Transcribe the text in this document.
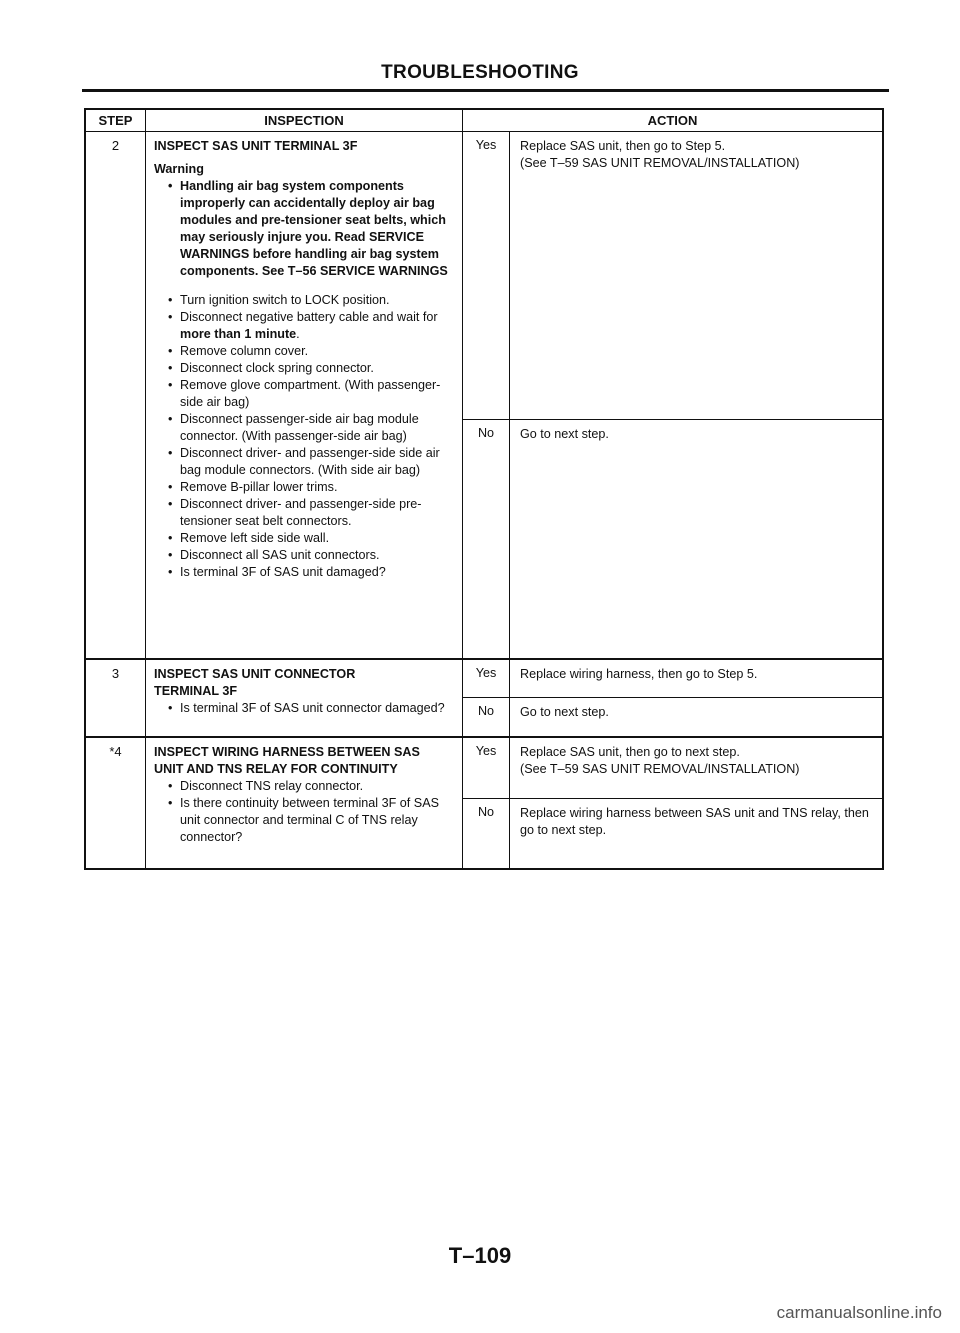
TROUBLESHOOTING
STEP	INSPECTION	ACTION
2	INSPECT SAS UNIT TERMINAL 3F
Warning

• Handling air bag system components improperly can accidentally deploy air bag modules and pre-tensioner seat belts, which may seriously injure you. Read SERVICE WARNINGS before handling air bag system components. See T–56 SERVICE WARNINGS

• Turn ignition switch to LOCK position.

• Disconnect negative battery cable and wait for more than 1 minute.

• Remove column cover.

• Disconnect clock spring connector.

• Remove glove compartment. (With passenger-side air bag)

• Disconnect passenger-side air bag module connector. (With passenger-side air bag)

• Disconnect driver- and passenger-side side air bag module connectors. (With side air bag)

• Remove B-pillar lower trims.

• Disconnect driver- and passenger-side pre-tensioner seat belt connectors.

• Remove left side side wall.

• Disconnect all SAS unit connectors.

• Is terminal 3F of SAS unit damaged?

Yes	Replace SAS unit, then go to Step 5.
(See T–59 SAS UNIT REMOVAL/INSTALLATION)
No	Go to next step.
3	INSPECT SAS UNIT CONNECTOR TERMINAL 3F

• Is terminal 3F of SAS unit connector damaged?

Yes	Replace wiring harness, then go to Step 5.
No	Go to next step.
*4	INSPECT WIRING HARNESS BETWEEN SAS UNIT AND TNS RELAY FOR CONTINUITY

• Disconnect TNS relay connector.

• Is there continuity between terminal 3F of SAS unit connector and terminal C of TNS relay connector?

Yes	Replace SAS unit, then go to next step.
(See T–59 SAS UNIT REMOVAL/INSTALLATION)
No	Replace wiring harness between SAS unit and TNS relay, then go to next step.
T–109
carmanualsonline.info
